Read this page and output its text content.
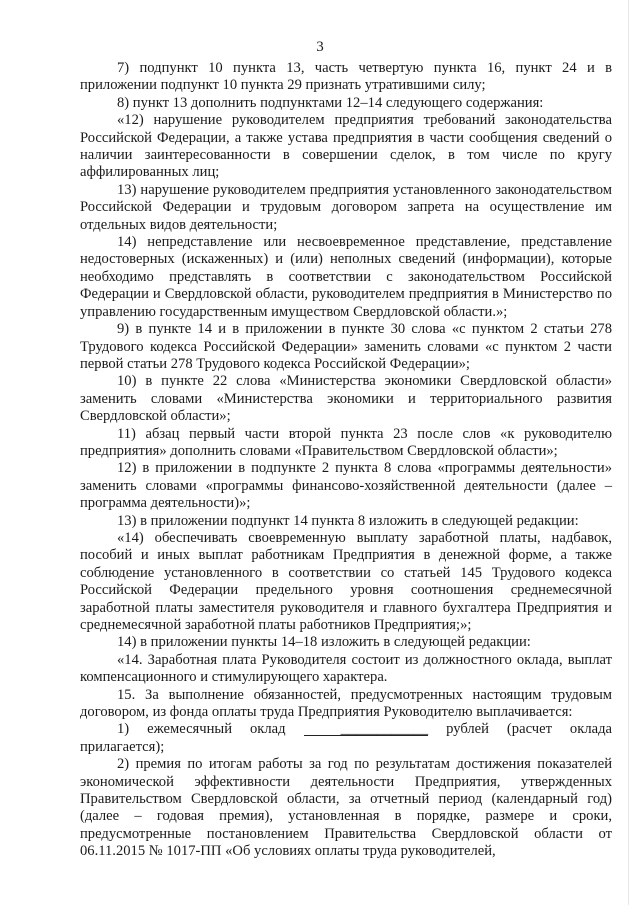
3

7) подпункт 10 пункта 13, часть четвертую пункта 16, пункт 24 и в приложении подпункт 10 пункта 29 признать утратившими силу;

8) пункт 13 дополнить подпунктами 12–14 следующего содержания:

«12) нарушение руководителем предприятия требований законодательства Российской Федерации, а также устава предприятия в части сообщения сведений о наличии заинтересованности в совершении сделок, в том числе по кругу аффилированных лиц;

13) нарушение руководителем предприятия установленного законодательством Российской Федерации и трудовым договором запрета на осуществление им отдельных видов деятельности;

14) непредставление или несвоевременное представление, представление недостоверных (искаженных) и (или) неполных сведений (информации), которые необходимо представлять в соответствии с законодательством Российской Федерации и Свердловской области, руководителем предприятия в Министерство по управлению государственным имуществом Свердловской области.»;

9) в пункте 14 и в приложении в пункте 30 слова «с пунктом 2 статьи 278 Трудового кодекса Российской Федерации» заменить словами «с пунктом 2 части первой статьи 278 Трудового кодекса Российской Федерации»;

10) в пункте 22 слова «Министерства экономики Свердловской области» заменить словами «Министерства экономики и территориального развития Свердловской области»;

11) абзац первый части второй пункта 23 после слов «к руководителю предприятия» дополнить словами «Правительством Свердловской области»;

12) в приложении в подпункте 2 пункта 8 слова «программы деятельности» заменить словами «программы финансово-хозяйственной деятельности (далее – программа деятельности)»;

13) в приложении подпункт 14 пункта 8 изложить в следующей редакции:

«14) обеспечивать своевременную выплату заработной платы, надбавок, пособий и иных выплат работникам Предприятия в денежной форме, а также соблюдение установленного в соответствии со статьей 145 Трудового кодекса Российской Федерации предельного уровня соотношения среднемесячной заработной платы заместителя руководителя и главного бухгалтера Предприятия и среднемесячной заработной платы работников Предприятия;»;

14) в приложении пункты 14–18 изложить в следующей редакции:

«14. Заработная плата Руководителя состоит из должностного оклада, выплат компенсационного и стимулирующего характера.

15. За выполнение обязанностей, предусмотренных настоящим трудовым договором, из фонда оплаты труда Предприятия Руководителю выплачивается:

1) ежемесячный оклад	____________ рублей (расчет оклада прилагается);

2) премия по итогам работы за год по результатам достижения показателей экономической эффективности деятельности Предприятия, утвержденных Правительством Свердловской области, за отчетный период (календарный год) (далее – годовая премия), установленная в порядке, размере и сроки, предусмотренные постановлением Правительства Свердловской области от 06.11.2015 № 1017-ПП «Об условиях оплаты труда руководителей,
